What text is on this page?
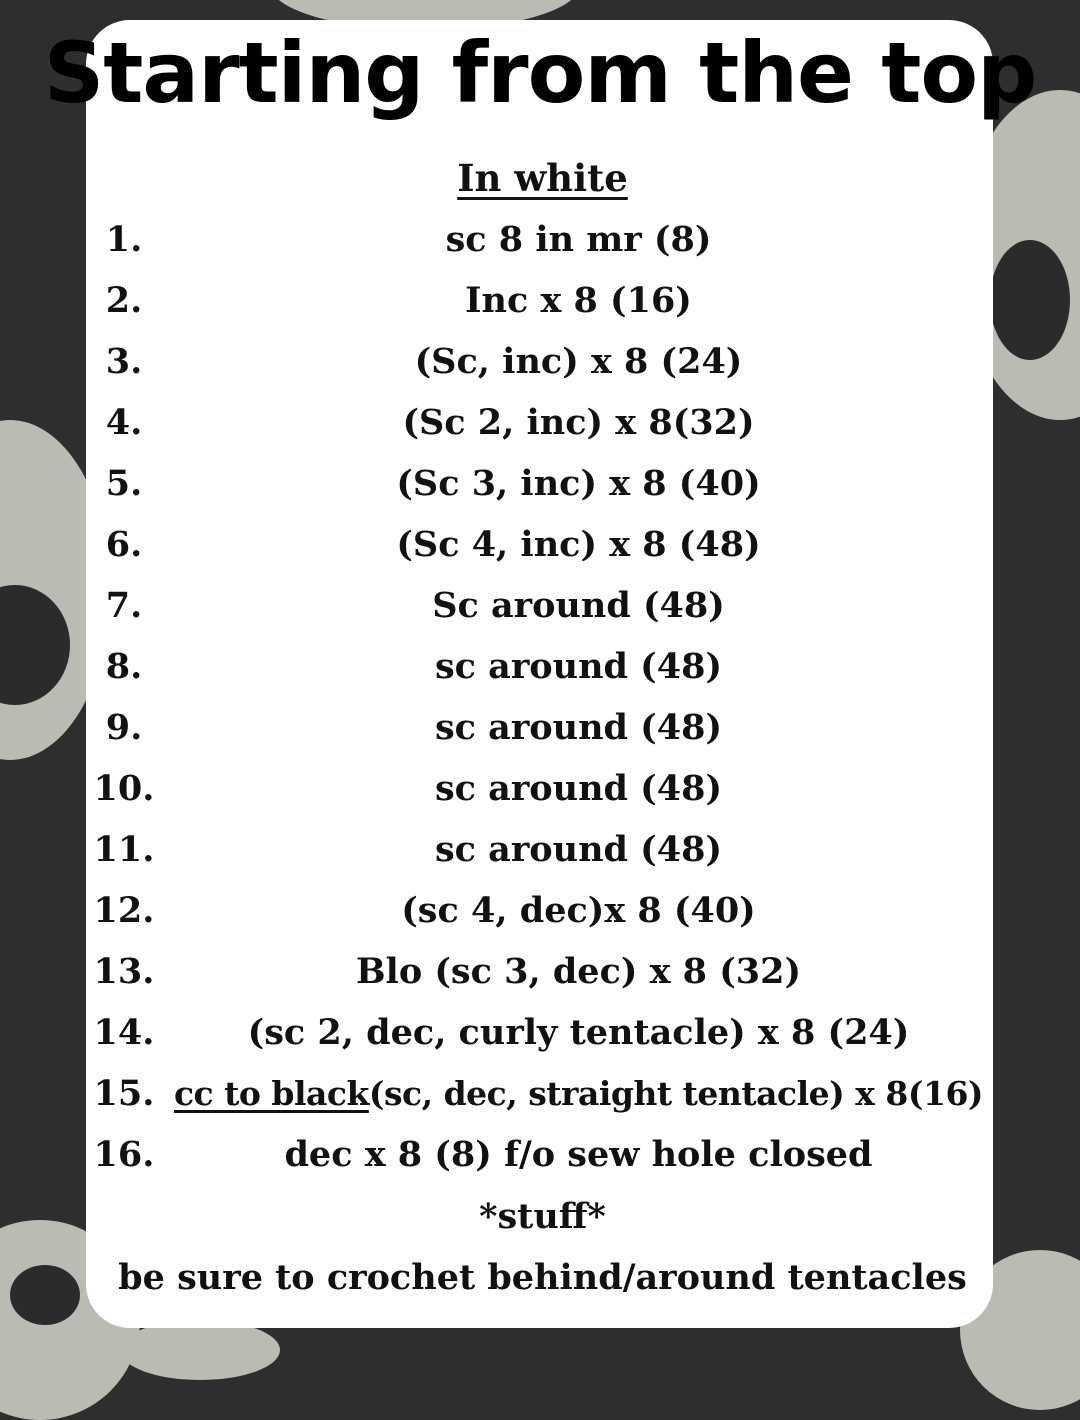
Starting from the top
In white
1.	sc 8 in mr (8)
2.	Inc x 8 (16)
3.	(Sc, inc) x 8 (24)
4.	(Sc 2, inc) x 8(32)
5.	(Sc 3, inc) x 8 (40)
6.	(Sc 4, inc) x 8 (48)
7.	Sc around (48)
8.	sc around (48)
9.	sc around (48)
10.	sc around (48)
11.	sc around (48)
12.	(sc 4, dec)x 8 (40)
13.	Blo (sc 3, dec) x 8 (32)
14.	(sc 2, dec, curly tentacle) x 8 (24)
15. cc to black(sc, dec, straight tentacle) x 8(16)
16.	dec x 8 (8) f/o sew hole closed
*stuff*
be sure to crochet behind/around tentacles
